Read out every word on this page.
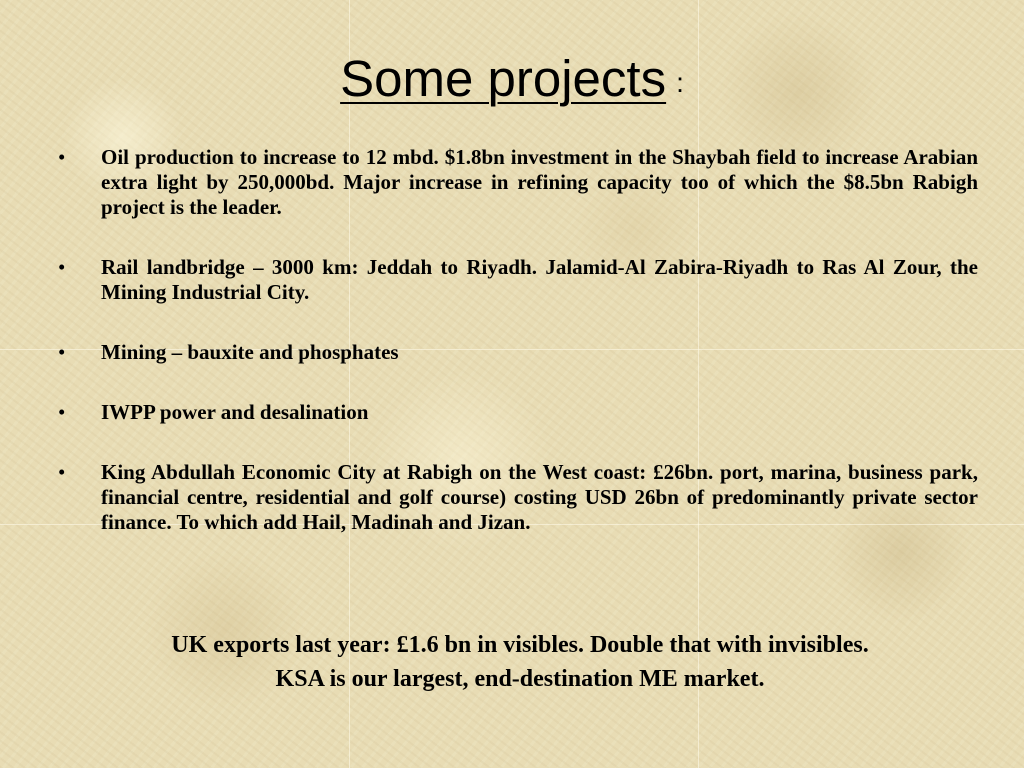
Some projects :
• Oil production to increase to 12 mbd. $1.8bn investment in the Shaybah field to increase Arabian extra light by 250,000bd. Major increase in refining capacity too of which the $8.5bn Rabigh project is the leader.
• Rail landbridge – 3000 km: Jeddah to Riyadh. Jalamid-Al Zabira-Riyadh to Ras Al Zour, the Mining Industrial City.
• Mining – bauxite and phosphates
• IWPP power and desalination
• King Abdullah Economic City at Rabigh on the West coast: £26bn. port, marina, business park, financial centre, residential and golf course) costing USD 26bn of predominantly private sector finance. To which add Hail, Madinah and Jizan.
UK exports last year: £1.6 bn in visibles. Double that with invisibles.
KSA is our largest, end-destination ME market.
